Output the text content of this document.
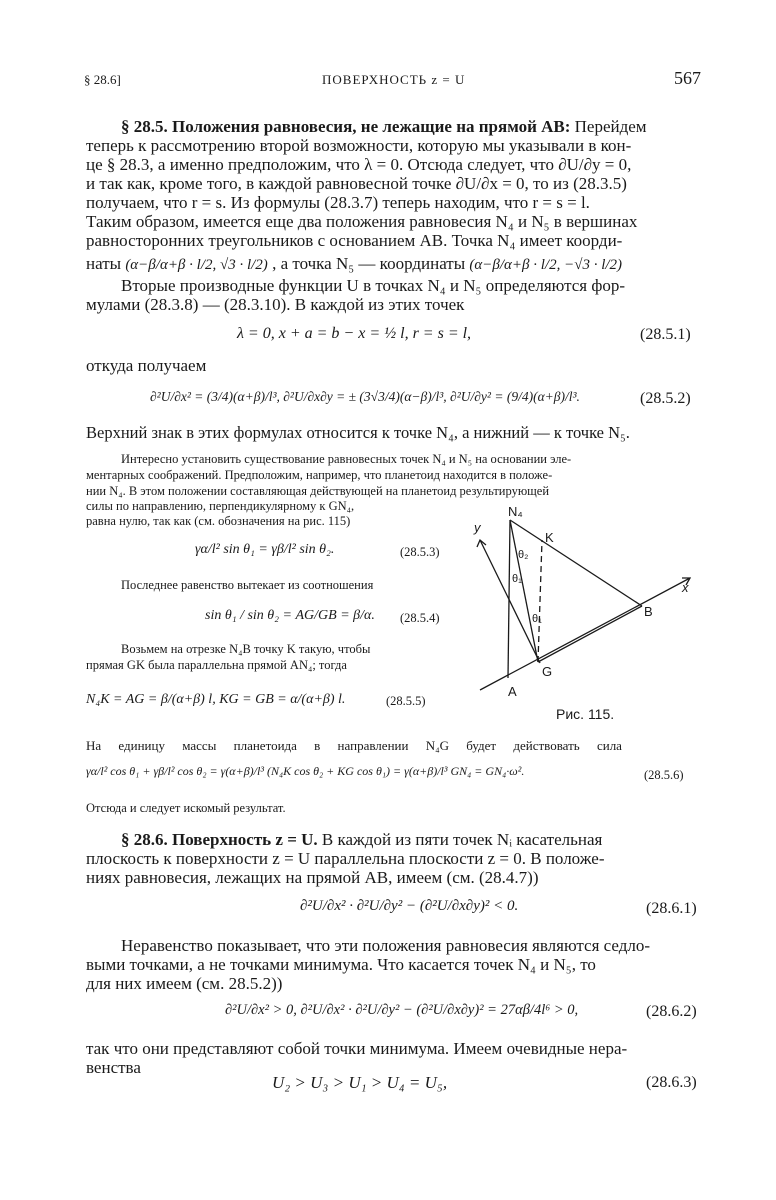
§ 28.6]	ПОВЕРХНОСТЬ z = U	567
§ 28.5. Положения равновесия, не лежащие на прямой AB: Перейдем
теперь к рассмотрению второй возможности, которую мы указывали в кон-
це § 28.3, а именно предположим, что λ = 0. Отсюда следует, что ∂U/∂y = 0,
и так как, кроме того, в каждой равновесной точке ∂U/∂x = 0, то из (28.3.5)
получаем, что r = s. Из формулы (28.3.7) теперь находим, что r = s = l.
Таким образом, имеется еще два положения равновесия N₄ и N₅ в вершинах
равносторонних треугольников с основанием AB. Точка N₄ имеет коорди-
наты (α−β/α+β · l/2, √3 · l/2) , а точка N₅ — координаты (α−β/α+β · l/2, −√3 · l/2)
Вторые производные функции U в точках N₄ и N₅ определяются фор-
мулами (28.3.8) — (28.3.10). В каждой из этих точек
λ = 0, x + a = b − x = ½ l, r = s = l,	(28.5.1)
откуда получаем
∂²U/∂x² = (3/4)(α+β)/l³, ∂²U/∂x∂y = ± (3√3/4)(α−β)/l³, ∂²U/∂y² = (9/4)(α+β)/l³.	(28.5.2)
Верхний знак в этих формулах относится к точке N₄, а нижний — к точке N₅.
Интересно установить существование равновесных точек N₄ и N₅ на основании эле-
ментарных соображений. Предположим, например, что планетоид находится в положе-
нии N₄. В этом положении составляющая действующей на планетоид результирующей
силы по направлению, перпендикулярному к GN₄,
равна нулю, так как (см. обозначения на рис. 115)
γα/l² sin θ₁ = γβ/l² sin θ₂.	(28.5.3)
Последнее равенство вытекает из соотношения
sin θ₁ / sin θ₂ = AG/GB = β/α. (28.5.4)
Возьмем на отрезке N₄B точку K такую, чтобы
прямая GK была параллельна прямой AN₄; тогда
N₄K = AG = β/(α+β) l, KG = GB = α/(α+β) l.	(28.5.5)
N₄
K
θ₂
θ₁
θ₁
G
A
B
x
y
Рис. 115.
На единицу массы планетоида в направлении N₄G будет действовать сила
γα/l² cos θ₁ + γβ/l² cos θ₂ = γ(α+β)/l³ (N₄K cos θ₂ + KG cos θ₁) = γ(α+β)/l³ GN₄ = GN₄·ω².	(28.5.6)
Отсюда и следует искомый результат.
§ 28.6. Поверхность z = U. В каждой из пяти точек Nᵢ касательная
плоскость к поверхности z = U параллельна плоскости z = 0. В положе-
ниях равновесия, лежащих на прямой AB, имеем (см. (28.4.7))
∂²U/∂x² · ∂²U/∂y² − (∂²U/∂x∂y)² < 0.	(28.6.1)
Неравенство показывает, что эти положения равновесия являются седло-
выми точками, а не точками минимума. Что касается точек N₄ и N₅, то
для них имеем (см. 28.5.2))
∂²U/∂x² > 0, ∂²U/∂x² · ∂²U/∂y² − (∂²U/∂x∂y)² = 27αβ/4l⁶ > 0,	(28.6.2)
так что они представляют собой точки минимума. Имеем очевидные нера-
венства
U₂ > U₃ > U₁ > U₄ = U₅,	(28.6.3)
